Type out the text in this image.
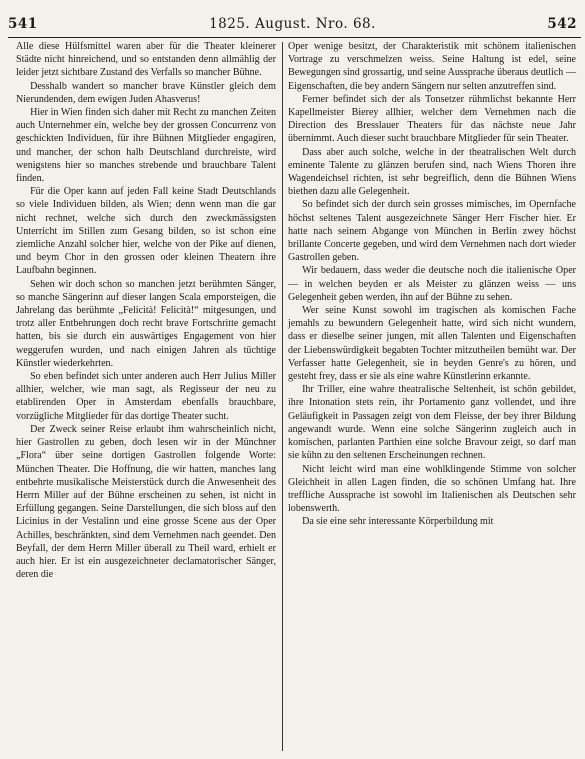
541	1825. August. Nro. 68.	542

Alle diese Hülfsmittel waren aber für die Theater kleinerer Städte nicht hinreichend, und so entstanden denn allmählig der leider jetzt sichtbare Zustand des Verfalls so mancher Bühne.

Desshalb wandert so mancher brave Künstler gleich dem Nierundenden, dem ewigen Juden Ahasverus!

Hier in Wien finden sich daher mit Recht zu manchen Zeiten auch Unternehmer ein, welche bey der grossen Concurrenz von geschickten Individuen, für ihre Bühnen Mitglieder engagiren, und mancher, der schon halb Deutschland durchreiste, wird wenigstens hier so manches strebende und brauchbare Talent finden.

Für die Oper kann auf jeden Fall keine Stadt Deutschlands so viele Individuen bilden, als Wien; denn wenn man die gar nicht rechnet, welche sich durch den zweckmässigsten Unterricht im Stillen zum Gesang bilden, so ist schon eine ziemliche Anzahl solcher hier, welche von der Pike auf dienen, und beym Chor in den grossen oder kleinen Theatern ihre Laufbahn beginnen.

Sehen wir doch schon so manchen jetzt berühmten Sänger, so manche Sängerinn auf dieser langen Scala emporsteigen, die Jahrelang das berühmte „Felicità! Felicità!“ mitgesungen, und trotz aller Entbehrungen doch recht brave Fortschritte gemacht hatten, bis sie durch ein auswärtiges Engagement von hier weggerufen wurden, und nach einigen Jahren als tüchtige Künstler wiederkehrten.

So eben befindet sich unter anderen auch Herr Julius Miller allhier, welcher, wie man sagt, als Regisseur der neu zu etablirenden Oper in Amsterdam ebenfalls brauchbare, vorzügliche Mitglieder für das dortige Theater sucht.

Der Zweck seiner Reise erlaubt ihm wahrscheinlich nicht, hier Gastrollen zu geben, doch lesen wir in der Münchner „Flora“ über seine dortigen Gastrollen folgende Worte: München Theater. Die Hoffnung, die wir hatten, manches lang entbehrte musikalische Meisterstück durch die Anwesenheit des Herrn Miller auf der Bühne erscheinen zu sehen, ist nicht in Erfüllung gegangen. Seine Darstellungen, die sich bloss auf den Licinius in der Vestalinn und eine grosse Scene aus der Oper Achilles, beschränkten, sind dem Vernehmen nach geendet. Den Beyfall, der dem Herrn Miller überall zu Theil ward, erhielt er auch hier. Er ist ein ausgezeichneter declamatorischer Sänger, deren die

Oper wenige besitzt, der Charakteristik mit schönem italienischen Vortrage zu verschmelzen weiss. Seine Haltung ist edel, seine Bewegungen sind grossartig, und seine Aussprache überaus deutlich — Eigenschaften, die bey andern Sängern nur selten anzutreffen sind.

Ferner befindet sich der als Tonsetzer rühmlichst bekannte Herr Kapellmeister Bierey allhier, welcher dem Vernehmen nach die Direction des Bresslauer Theaters für das nächste neue Jahr übernimmt. Auch dieser sucht brauchbare Mitglieder für sein Theater.

Dass aber auch solche, welche in der theatralischen Welt durch eminente Talente zu glänzen berufen sind, nach Wiens Thoren ihre Wagendeichsel richten, ist sehr begreiflich, denn die Bühnen Wiens biethen dazu alle Gelegenheit.

So befindet sich der durch sein grosses mimisches, im Opernfache höchst seltenes Talent ausgezeichnete Sänger Herr Fischer hier. Er hatte nach seinem Abgange von München in Berlin zwey höchst brillante Concerte gegeben, und wird dem Vernehmen nach dort wieder Gastrollen geben.

Wir bedauern, dass weder die deutsche noch die italienische Oper — in welchen beyden er als Meister zu glänzen weiss — uns Gelegenheit geben werden, ihn auf der Bühne zu sehen.

Wer seine Kunst sowohl im tragischen als komischen Fache jemahls zu bewundern Gelegenheit hatte, wird sich nicht wundern, dass er dieselbe seiner jungen, mit allen Talenten und Eigenschaften der Liebenswürdigkeit begabten Tochter mitzutheilen bemüht war. Der Verfasser hatte Gelegenheit, sie in beyden Genre's zu hören, und gesteht frey, dass er sie als eine wahre Künstlerinn erkannte.

Ihr Triller, eine wahre theatralische Seltenheit, ist schön gebildet, ihre Intonation stets rein, ihr Portamento ganz vollendet, und ihre Geläufigkeit in Passagen zeigt von dem Fleisse, der bey ihrer Bildung angewandt wurde. Wenn eine solche Sängerinn zugleich auch in komischen, parlanten Parthien eine solche Bravour zeigt, so darf man sie kühn zu den seltenen Erscheinungen rechnen.

Nicht leicht wird man eine wohlklingende Stimme von solcher Gleichheit in allen Lagen finden, die so schönen Umfang hat. Ihre treffliche Aussprache ist sowohl im Italienischen als Deutschen sehr lobenswerth.

Da sie eine sehr interessante Körperbildung mit
